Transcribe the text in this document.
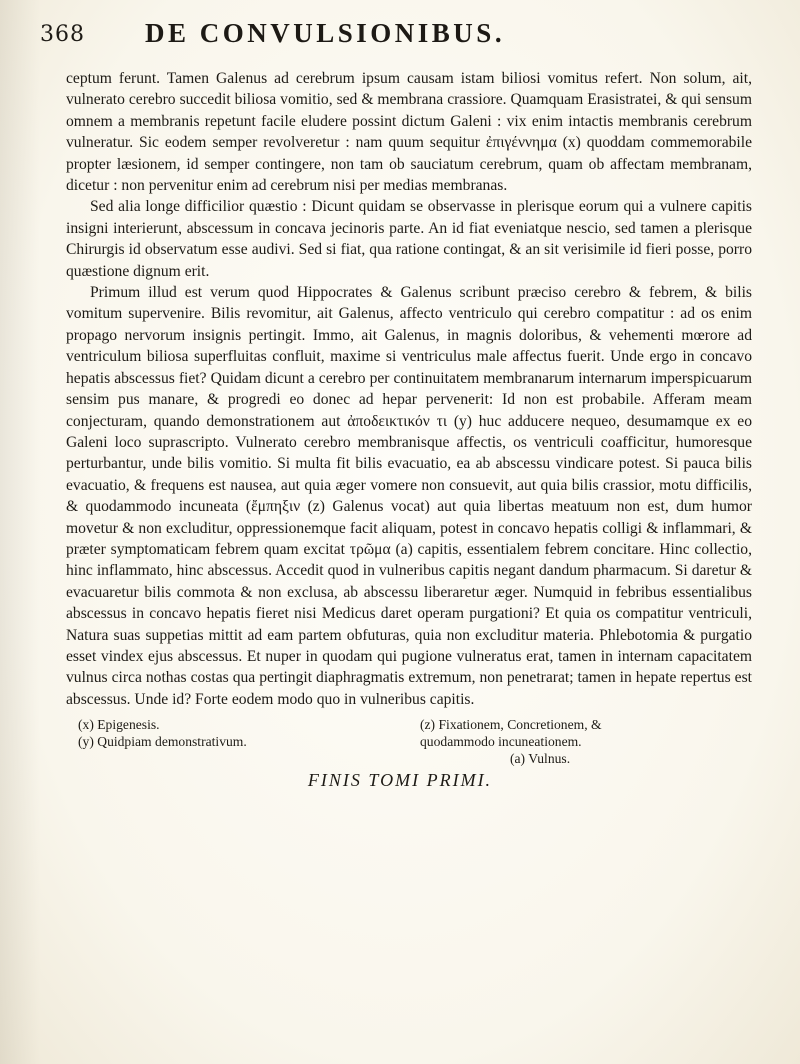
368 DE CONVULSIONIBUS.

ceptum ferunt. Tamen Galenus ad cerebrum ipsum causam istam biliosi vomitus refert. Non solum, ait, vulnerato cerebro succedit biliosa vomitio, sed & membrana crassiore. Quamquam Erasistratei, & qui sensum omnem a membranis repetunt facile eludere possint dictum Galeni : vix enim intactis membranis cerebrum vulneratur. Sic eodem semper revolveretur : nam quum sequitur ἐπιγέννημα (x) quoddam commemorabile propter læsionem, id semper contingere, non tam ob sauciatum cerebrum, quam ob affectam membranam, dicetur : non pervenitur enim ad cerebrum nisi per medias membranas.

Sed alia longe difficilior quæstio : Dicunt quidam se observasse in plerisque eorum qui a vulnere capitis insigni interierunt, abscessum in concava jecinoris parte. An id fiat eveniatque nescio, sed tamen a plerisque Chirurgis id observatum esse audivi. Sed si fiat, qua ratione contingat, & an sit verisimile id fieri posse, porro quæstione dignum erit.

Primum illud est verum quod Hippocrates & Galenus scribunt præciso cerebro & febrem, & bilis vomitum supervenire. Bilis revomitur, ait Galenus, affecto ventriculo qui cerebro compatitur : ad os enim propago nervorum insignis pertingit. Immo, ait Galenus, in magnis doloribus, & vehementi mœrore ad ventriculum biliosa superfluitas confluit, maxime si ventriculus male affectus fuerit. Unde ergo in concavo hepatis abscessus fiet? Quidam dicunt a cerebro per continuitatem membranarum internarum imperspicuarum sensim pus manare, & progredi eo donec ad hepar pervenerit: Id non est probabile. Afferam meam conjecturam, quando demonstrationem aut ἀποδεικτικόν τι (y) huc adducere nequeo, desumamque ex eo Galeni loco suprascripto. Vulnerato cerebro membranisque affectis, os ventriculi coafficitur, humoresque perturbantur, unde bilis vomitio. Si multa fit bilis evacuatio, ea ab abscessu vindicare potest. Si pauca bilis evacuatio, & frequens est nausea, aut quia æger vomere non consuevit, aut quia bilis crassior, motu difficilis, & quodammodo incuneata (ἔμπηξιν (z) Galenus vocat) aut quia libertas meatuum non est, dum humor movetur & non excluditur, oppressionemque facit aliquam, potest in concavo hepatis colligi & inflammari, & præter symptomaticam febrem quam excitat τρῶμα (a) capitis, essentialem febrem concitare. Hinc collectio, hinc inflammato, hinc abscessus. Accedit quod in vulneribus capitis negant dandum pharmacum. Si daretur & evacuaretur bilis commota & non exclusa, ab abscessu liberaretur æger. Numquid in febribus essentialibus abscessus in concavo hepatis fieret nisi Medicus daret operam purgationi? Et quia os compatitur ventriculi, Natura suas suppetias mittit ad eam partem obfuturas, quia non excluditur materia. Phlebotomia & purgatio esset vindex ejus abscessus. Et nuper in quodam qui pugione vulneratus erat, tamen in internam capacitatem vulnus circa nothas costas qua pertingit diaphragmatis extremum, non penetrarat; tamen in hepate repertus est abscessus. Unde id? Forte eodem modo quo in vulneribus capitis.

(x) Epigenesis.
(y) Quidpiam demonstrativum.
(z) Fixationem, Concretionem, &
quodammodo incuneationem.
(a) Vulnus.
FINIS TOMI PRIMI.
